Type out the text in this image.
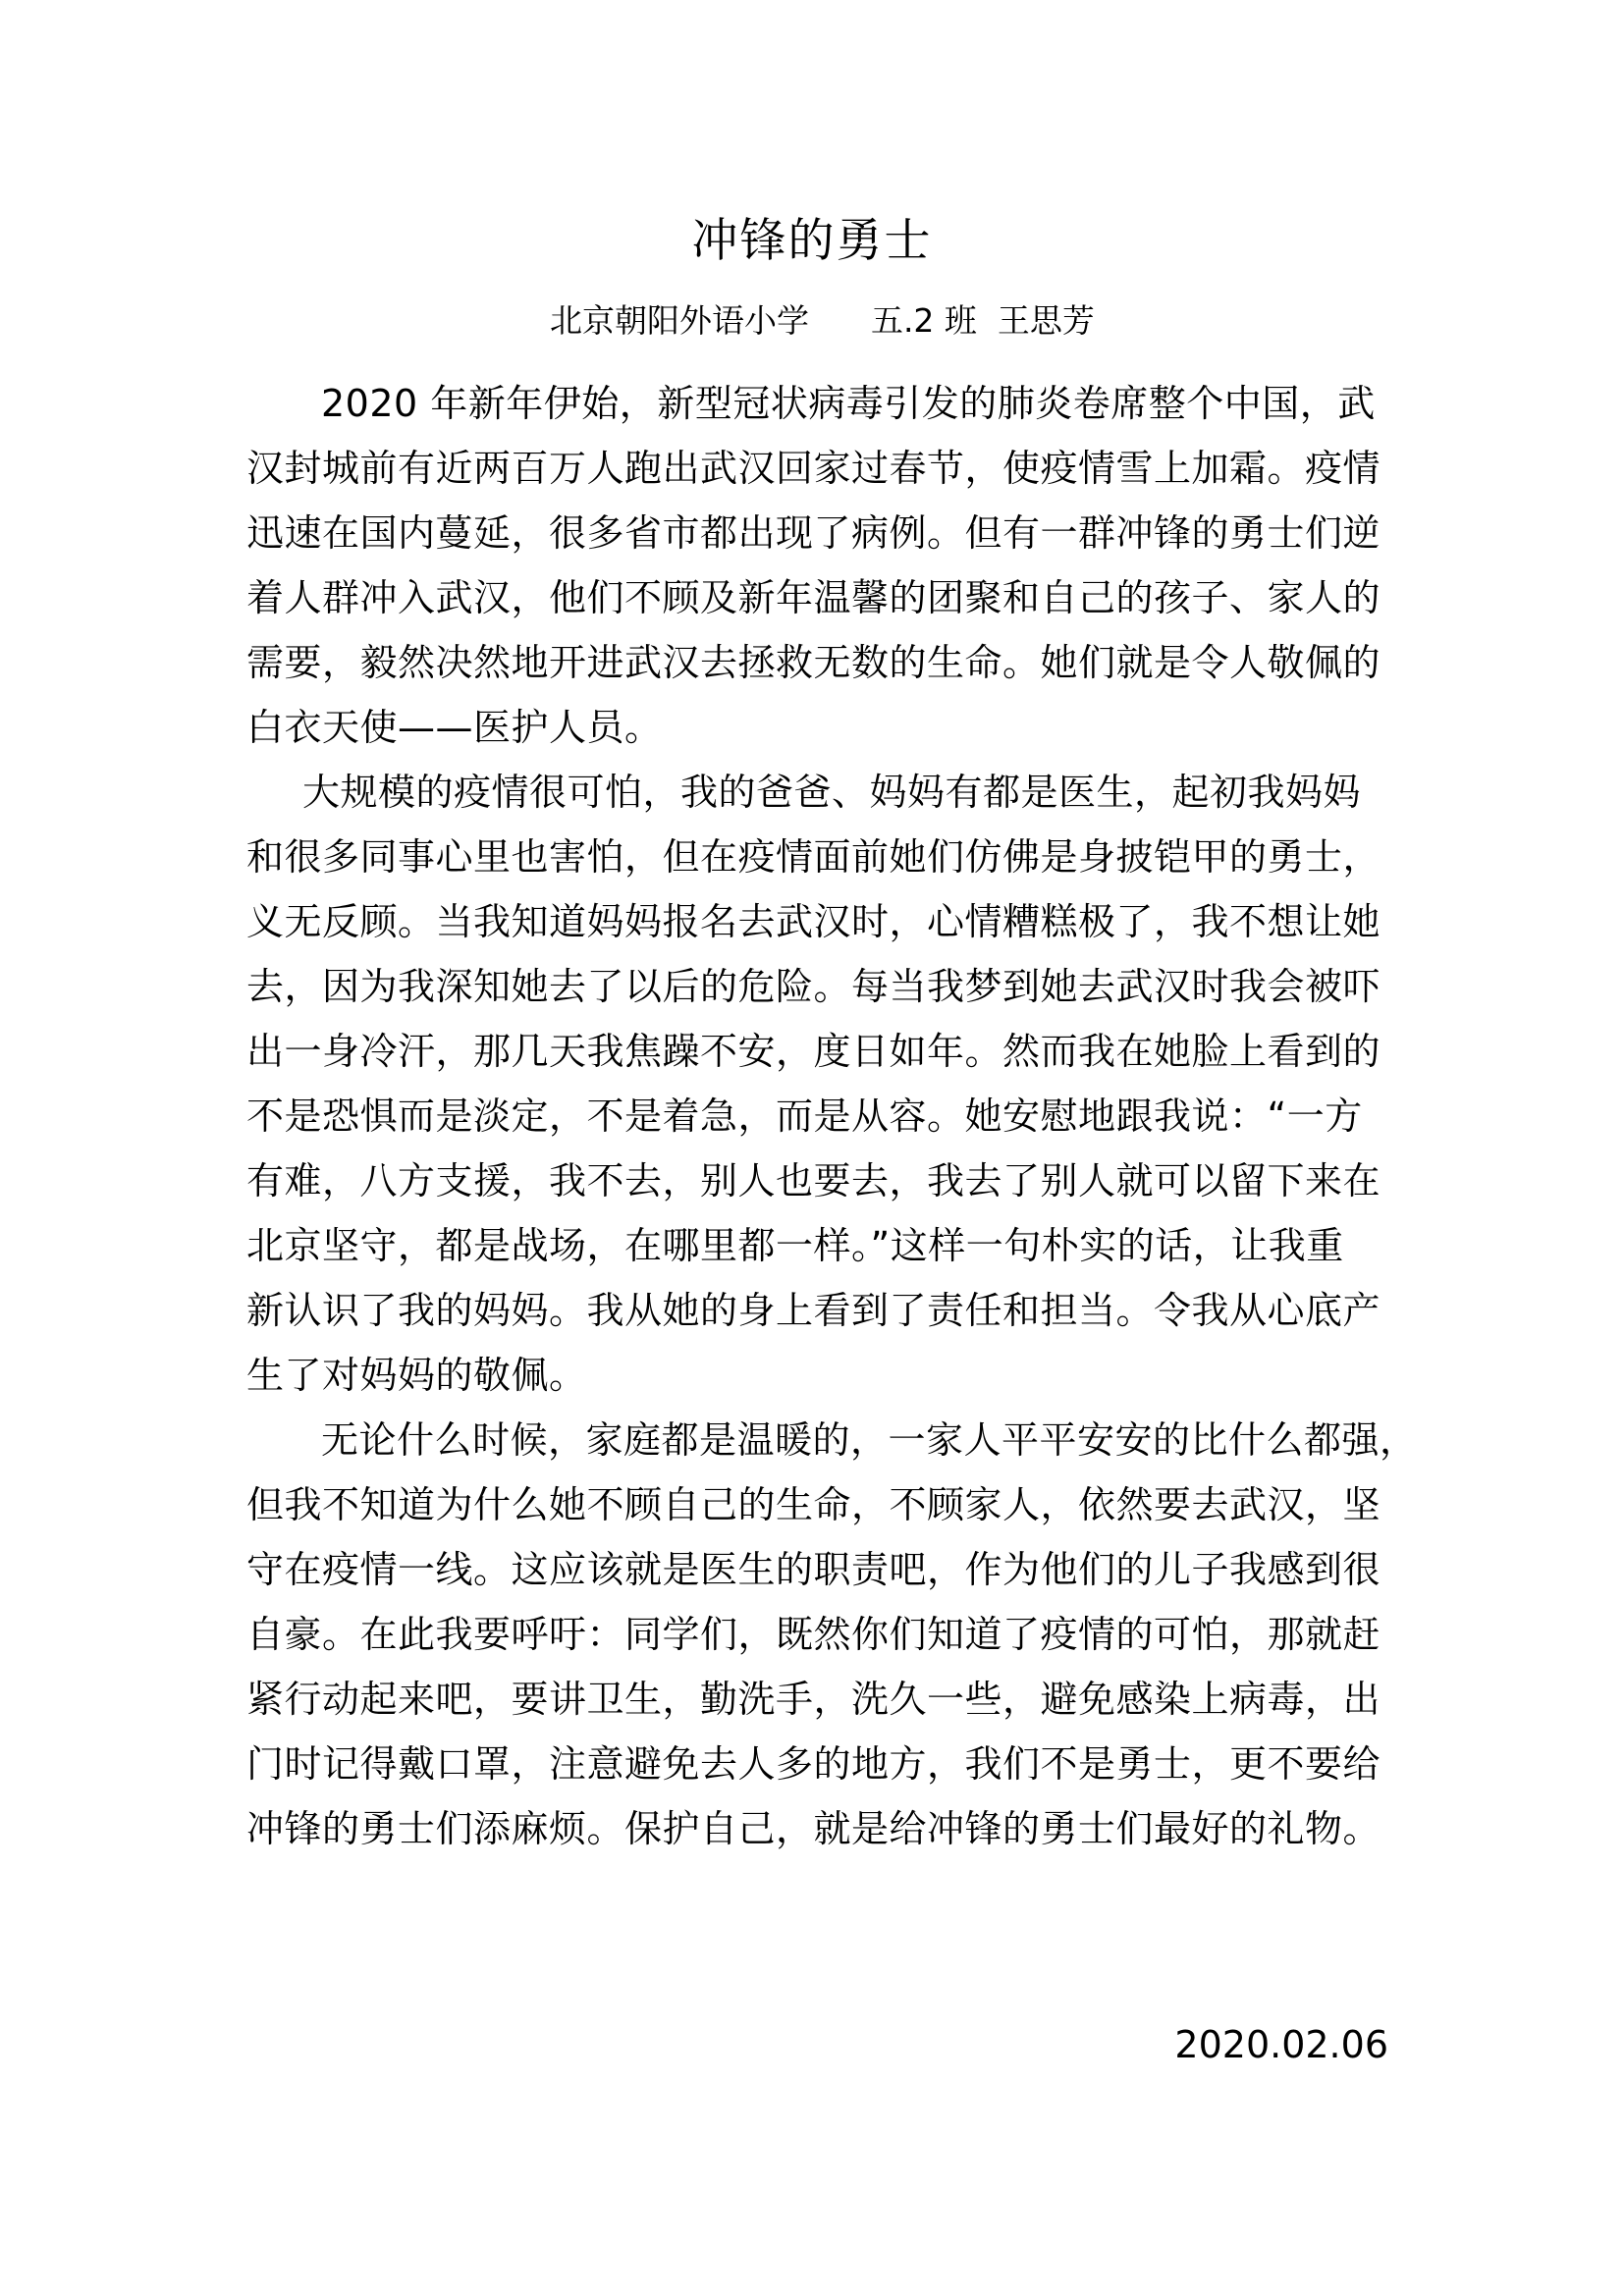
冲锋的勇士
北京朝阳外语小学      五.2 班  王思芳
2020 年新年伊始，新型冠状病毒引发的肺炎卷席整个中国，武
汉封城前有近两百万人跑出武汉回家过春节，使疫情雪上加霜。疫情
迅速在国内蔓延，很多省市都出现了病例。但有一群冲锋的勇士们逆
着人群冲入武汉，他们不顾及新年温馨的团聚和自己的孩子、家人的
需要，毅然决然地开进武汉去拯救无数的生命。她们就是令人敬佩的
白衣天使——医护人员。
大规模的疫情很可怕，我的爸爸、妈妈有都是医生，起初我妈妈
和很多同事心里也害怕，但在疫情面前她们仿佛是身披铠甲的勇士，
义无反顾。当我知道妈妈报名去武汉时，心情糟糕极了，我不想让她
去，因为我深知她去了以后的危险。每当我梦到她去武汉时我会被吓
出一身冷汗，那几天我焦躁不安，度日如年。然而我在她脸上看到的
不是恐惧而是淡定，不是着急，而是从容。她安慰地跟我说：“一方
有难，八方支援，我不去，别人也要去，我去了别人就可以留下来在
北京坚守，都是战场，在哪里都一样。”这样一句朴实的话，让我重
新认识了我的妈妈。我从她的身上看到了责任和担当。令我从心底产
生了对妈妈的敬佩。
无论什么时候，家庭都是温暖的，一家人平平安安的比什么都强，
但我不知道为什么她不顾自己的生命，不顾家人，依然要去武汉，坚
守在疫情一线。这应该就是医生的职责吧，作为他们的儿子我感到很
自豪。在此我要呼吁：同学们，既然你们知道了疫情的可怕，那就赶
紧行动起来吧，要讲卫生，勤洗手，洗久一些，避免感染上病毒，出
门时记得戴口罩，注意避免去人多的地方，我们不是勇士，更不要给
冲锋的勇士们添麻烦。保护自己，就是给冲锋的勇士们最好的礼物。
2020.02.06
